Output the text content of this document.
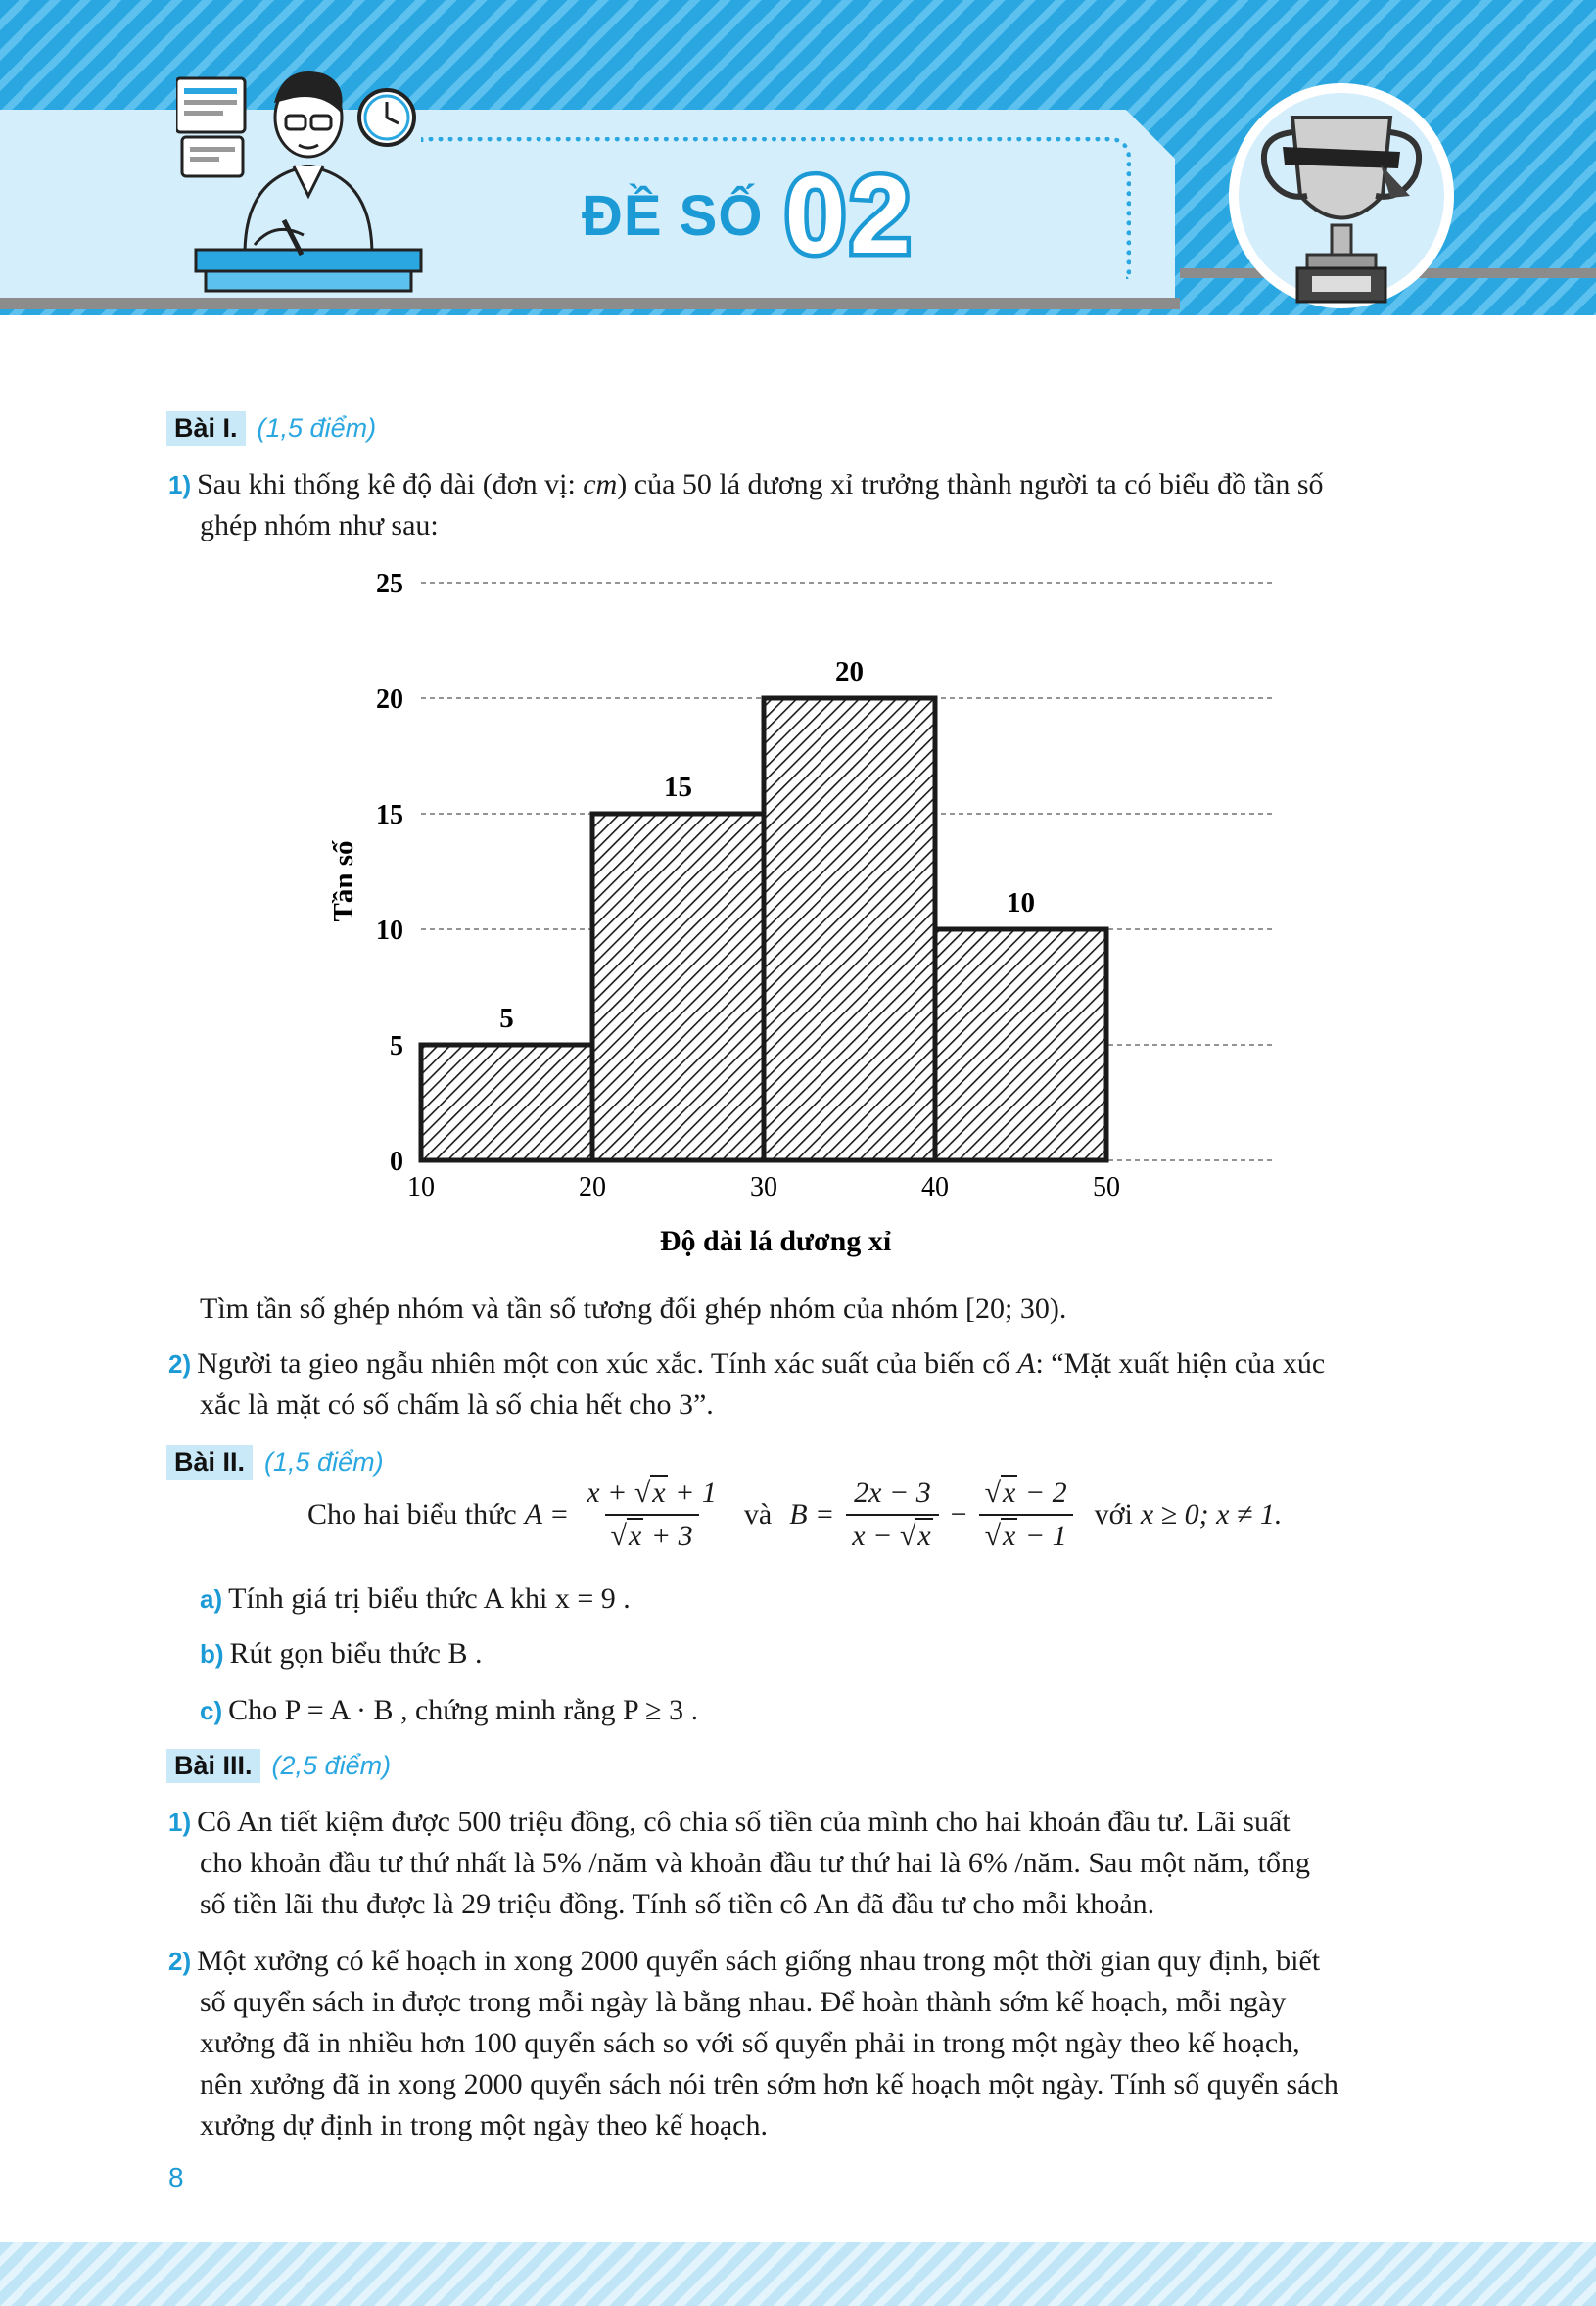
ĐỀ SỐ 02
Bài I. (1,5 điểm)
1) Sau khi thống kê độ dài (đơn vị: cm) của 50 lá dương xỉ trưởng thành người ta có biểu đồ tần số
ghép nhóm như sau:
5
15
20
10
0
5
10
15
20
25
10	20	30	40	50
Tần số
Độ dài lá dương xỉ
Tìm tần số ghép nhóm và tần số tương đối ghép nhóm của nhóm [20; 30).
2) Người ta gieo ngẫu nhiên một con xúc xắc. Tính xác suất của biến cố A: “Mặt xuất hiện của xúc
xắc là mặt có số chấm là số chia hết cho 3”.
Bài II. (1,5 điểm)
Cho hai biểu thức $A = \frac{x + √x + 1}{√x + 3}$ và $B = \frac{2x - 3}{x - √x} - \frac{√x - 2}{√x - 1}$ với x ≥ 0; x ≠ 1.
a) Tính giá trị biểu thức A khi x = 9 .
b) Rút gọn biểu thức B .
c) Cho P = A · B , chứng minh rằng P ≥ 3 .
Bài III. (2,5 điểm)
1) Cô An tiết kiệm được 500 triệu đồng, cô chia số tiền của mình cho hai khoản đầu tư. Lãi suất
cho khoản đầu tư thứ nhất là 5% /năm và khoản đầu tư thứ hai là 6% /năm. Sau một năm, tổng
số tiền lãi thu được là 29 triệu đồng. Tính số tiền cô An đã đầu tư cho mỗi khoản.
2) Một xưởng có kế hoạch in xong 2000 quyển sách giống nhau trong một thời gian quy định, biết
số quyển sách in được trong mỗi ngày là bằng nhau. Để hoàn thành sớm kế hoạch, mỗi ngày
xưởng đã in nhiều hơn 100 quyển sách so với số quyển phải in trong một ngày theo kế hoạch,
nên xưởng đã in xong 2000 quyển sách nói trên sớm hơn kế hoạch một ngày. Tính số quyển sách
xưởng dự định in trong một ngày theo kế hoạch.
8
